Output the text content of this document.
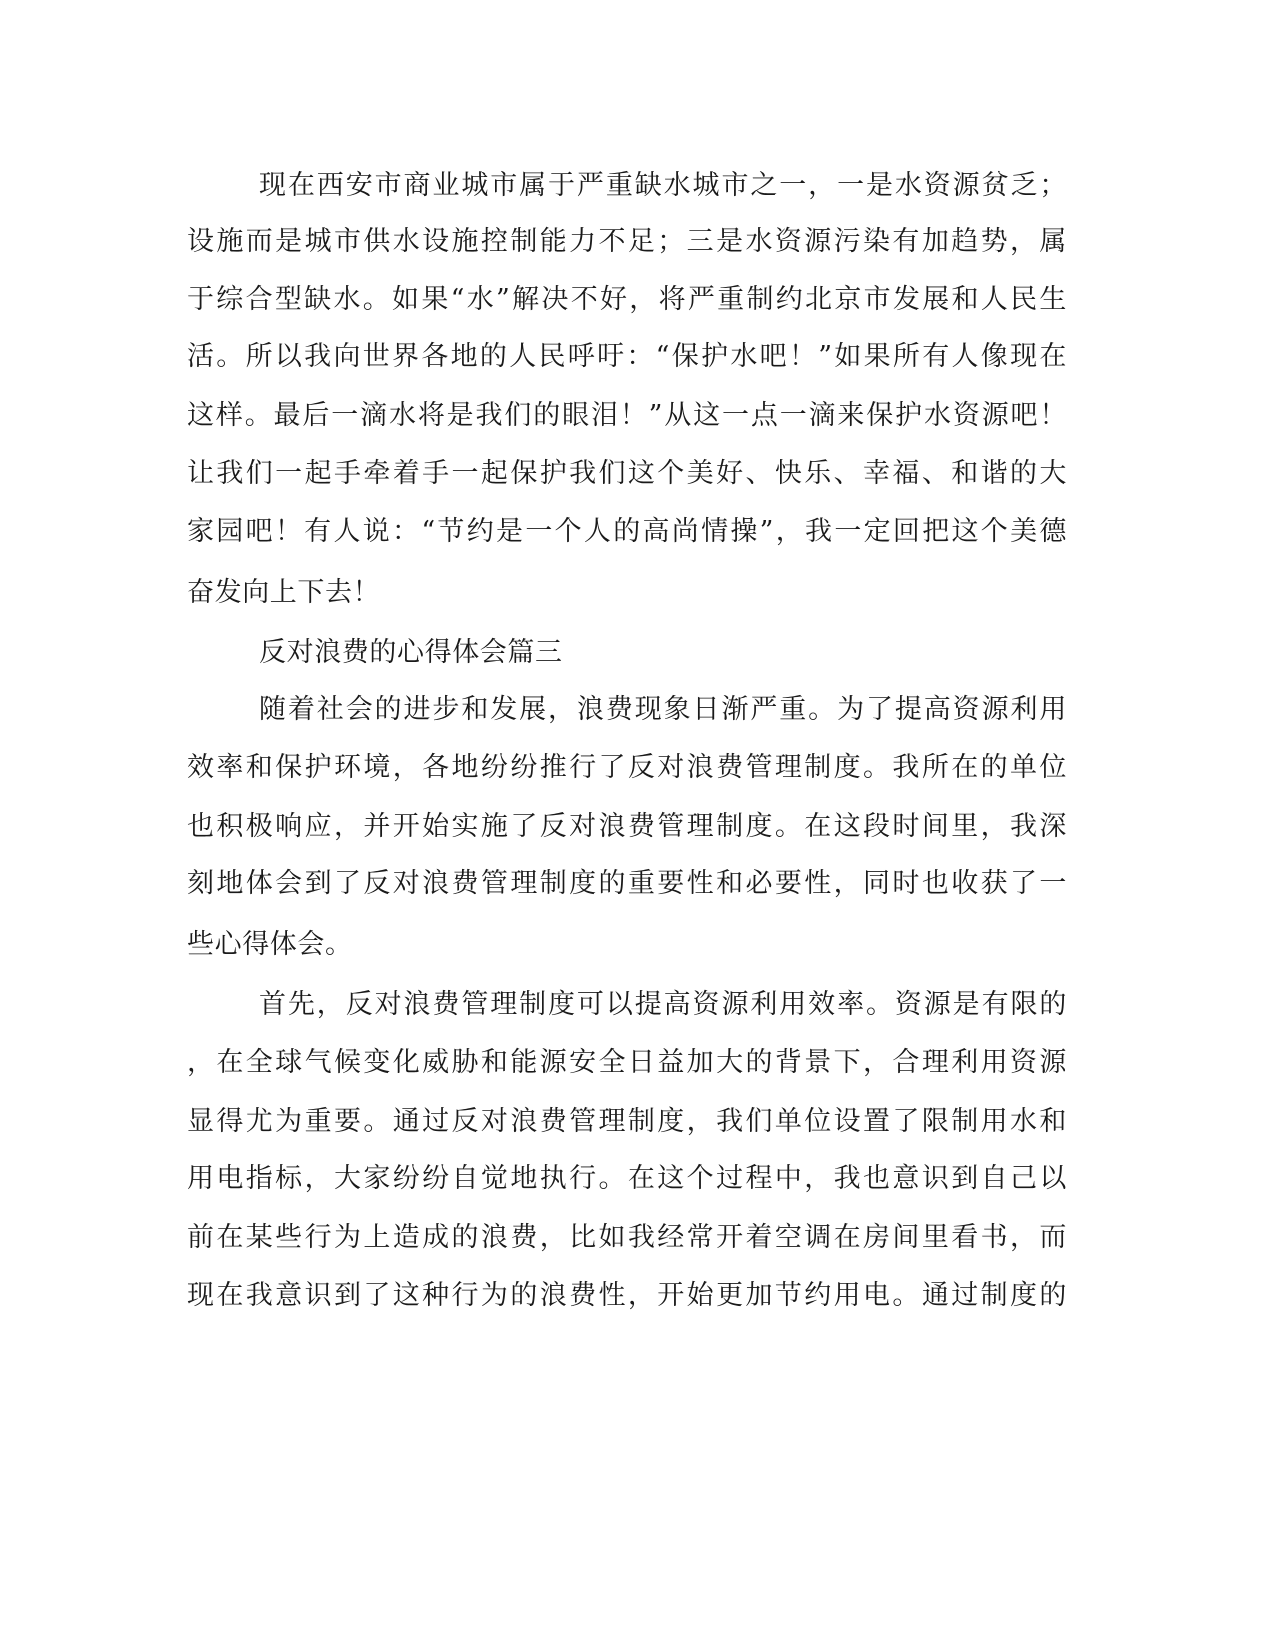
现在西安市商业城市属于严重缺水城市之一，一是水资源贫乏；
设施而是城市供水设施控制能力不足；三是水资源污染有加趋势，属
于综合型缺水。如果“水”解决不好，将严重制约北京市发展和人民生
活。所以我向世界各地的人民呼吁：“保护水吧！”如果所有人像现在
这样。最后一滴水将是我们的眼泪！”从这一点一滴来保护水资源吧！
让我们一起手牵着手一起保护我们这个美好、快乐、幸福、和谐的大
家园吧！有人说：“节约是一个人的高尚情操”，我一定回把这个美德
奋发向上下去！
反对浪费的心得体会篇三
随着社会的进步和发展，浪费现象日渐严重。为了提高资源利用
效率和保护环境，各地纷纷推行了反对浪费管理制度。我所在的单位
也积极响应，并开始实施了反对浪费管理制度。在这段时间里，我深
刻地体会到了反对浪费管理制度的重要性和必要性，同时也收获了一
些心得体会。
首先，反对浪费管理制度可以提高资源利用效率。资源是有限的
，在全球气候变化威胁和能源安全日益加大的背景下，合理利用资源
显得尤为重要。通过反对浪费管理制度，我们单位设置了限制用水和
用电指标，大家纷纷自觉地执行。在这个过程中，我也意识到自己以
前在某些行为上造成的浪费，比如我经常开着空调在房间里看书，而
现在我意识到了这种行为的浪费性，开始更加节约用电。通过制度的
